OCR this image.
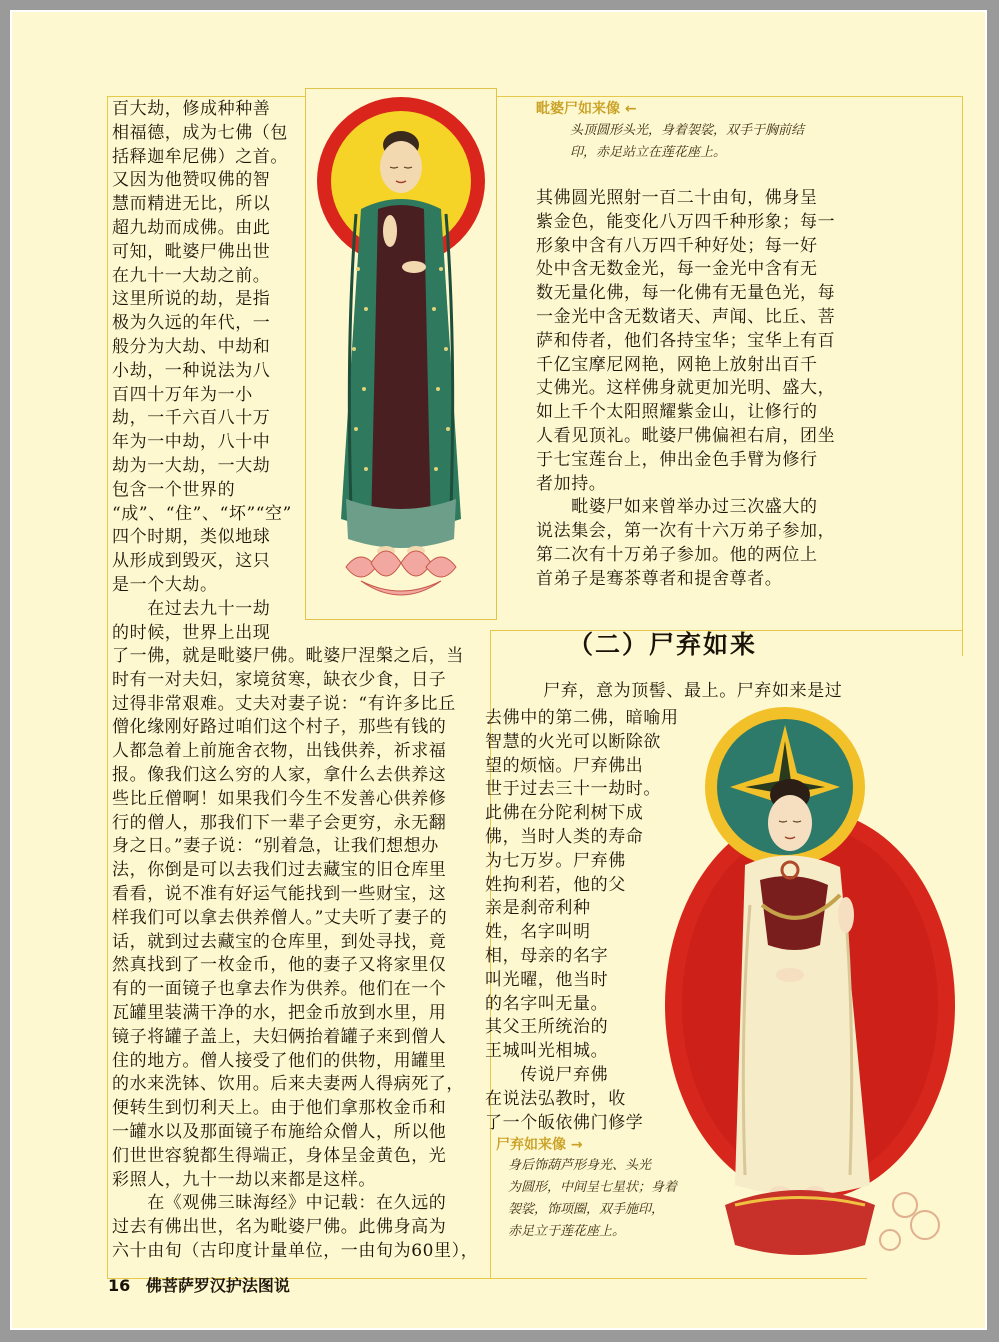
百大劫，修成种种善

相福德，成为七佛（包

括释迦牟尼佛）之首。

又因为他赞叹佛的智

慧而精进无比，所以

超九劫而成佛。由此

可知，毗婆尸佛出世

在九十一大劫之前。

这里所说的劫，是指

极为久远的年代，一

般分为大劫、中劫和

小劫，一种说法为八

百四十万年为一小

劫，一千六百八十万

年为一中劫，八十中

劫为一大劫，一大劫

包含一个世界的

“成”、“住”、“坏”“空”

四个时期，类似地球

从形成到毁灭，这只

是一个大劫。

　　在过去九十一劫

的时候，世界上出现

了一佛，就是毗婆尸佛。毗婆尸涅槃之后，当

时有一对夫妇，家境贫寒，缺衣少食，日子

过得非常艰难。丈夫对妻子说：“有许多比丘

僧化缘刚好路过咱们这个村子，那些有钱的

人都急着上前施舍衣物，出钱供养，祈求福

报。像我们这么穷的人家，拿什么去供养这

些比丘僧啊！如果我们今生不发善心供养修

行的僧人，那我们下一辈子会更穷，永无翻

身之日。”妻子说：“别着急，让我们想想办

法，你倒是可以去我们过去藏宝的旧仓库里

看看，说不准有好运气能找到一些财宝，这

样我们可以拿去供养僧人。”丈夫听了妻子的

话，就到过去藏宝的仓库里，到处寻找，竟

然真找到了一枚金币，他的妻子又将家里仅

有的一面镜子也拿去作为供养。他们在一个

瓦罐里装满干净的水，把金币放到水里，用

镜子将罐子盖上，夫妇俩抬着罐子来到僧人

住的地方。僧人接受了他们的供物，用罐里

的水来洗钵、饮用。后来夫妻两人得病死了，

便转生到忉利天上。由于他们拿那枚金币和

一罐水以及那面镜子布施给众僧人，所以他

们世世容貌都生得端正，身体呈金黄色，光

彩照人，九十一劫以来都是这样。

　　在《观佛三昧海经》中记载：在久远的

过去有佛出世，名为毗婆尸佛。此佛身高为

六十由旬（古印度计量单位，一由旬为60里），

毗婆尸如来像 ←

头顶圆形头光，身着袈裟，双手于胸前结

印，赤足站立在莲花座上。

其佛圆光照射一百二十由旬，佛身呈

紫金色，能变化八万四千种形象；每一

形象中含有八万四千种好处；每一好

处中含无数金光，每一金光中含有无

数无量化佛，每一化佛有无量色光，每

一金光中含无数诸天、声闻、比丘、菩

萨和侍者，他们各持宝华；宝华上有百

千亿宝摩尼网艳，网艳上放射出百千

丈佛光。这样佛身就更加光明、盛大，

如上千个太阳照耀紫金山，让修行的

人看见顶礼。毗婆尸佛偏袒右肩，团坐

于七宝莲台上，伸出金色手臂为修行

者加持。

　　毗婆尸如来曾举办过三次盛大的

说法集会，第一次有十六万弟子参加，

第二次有十万弟子参加。他的两位上

首弟子是骞茶尊者和提舍尊者。

（二）尸弃如来
　　尸弃，意为顶髻、最上。尸弃如来是过

去佛中的第二佛，暗喻用

智慧的火光可以断除欲

望的烦恼。尸弃佛出

世于过去三十一劫时。

此佛在分陀利树下成

佛，当时人类的寿命

为七万岁。尸弃佛

姓拘利若，他的父

亲是刹帝利种

姓，名字叫明

相，母亲的名字

叫光曜，他当时

的名字叫无量。

其父王所统治的

王城叫光相城。

　　传说尸弃佛

在说法弘教时，收

了一个皈依佛门修学

尸弃如来像 →

身后饰葫芦形身光、头光

为圆形，中间呈七星状；身着

袈裟，饰项圈，双手施印，

赤足立于莲花座上。

16 佛菩萨罗汉护法图说
